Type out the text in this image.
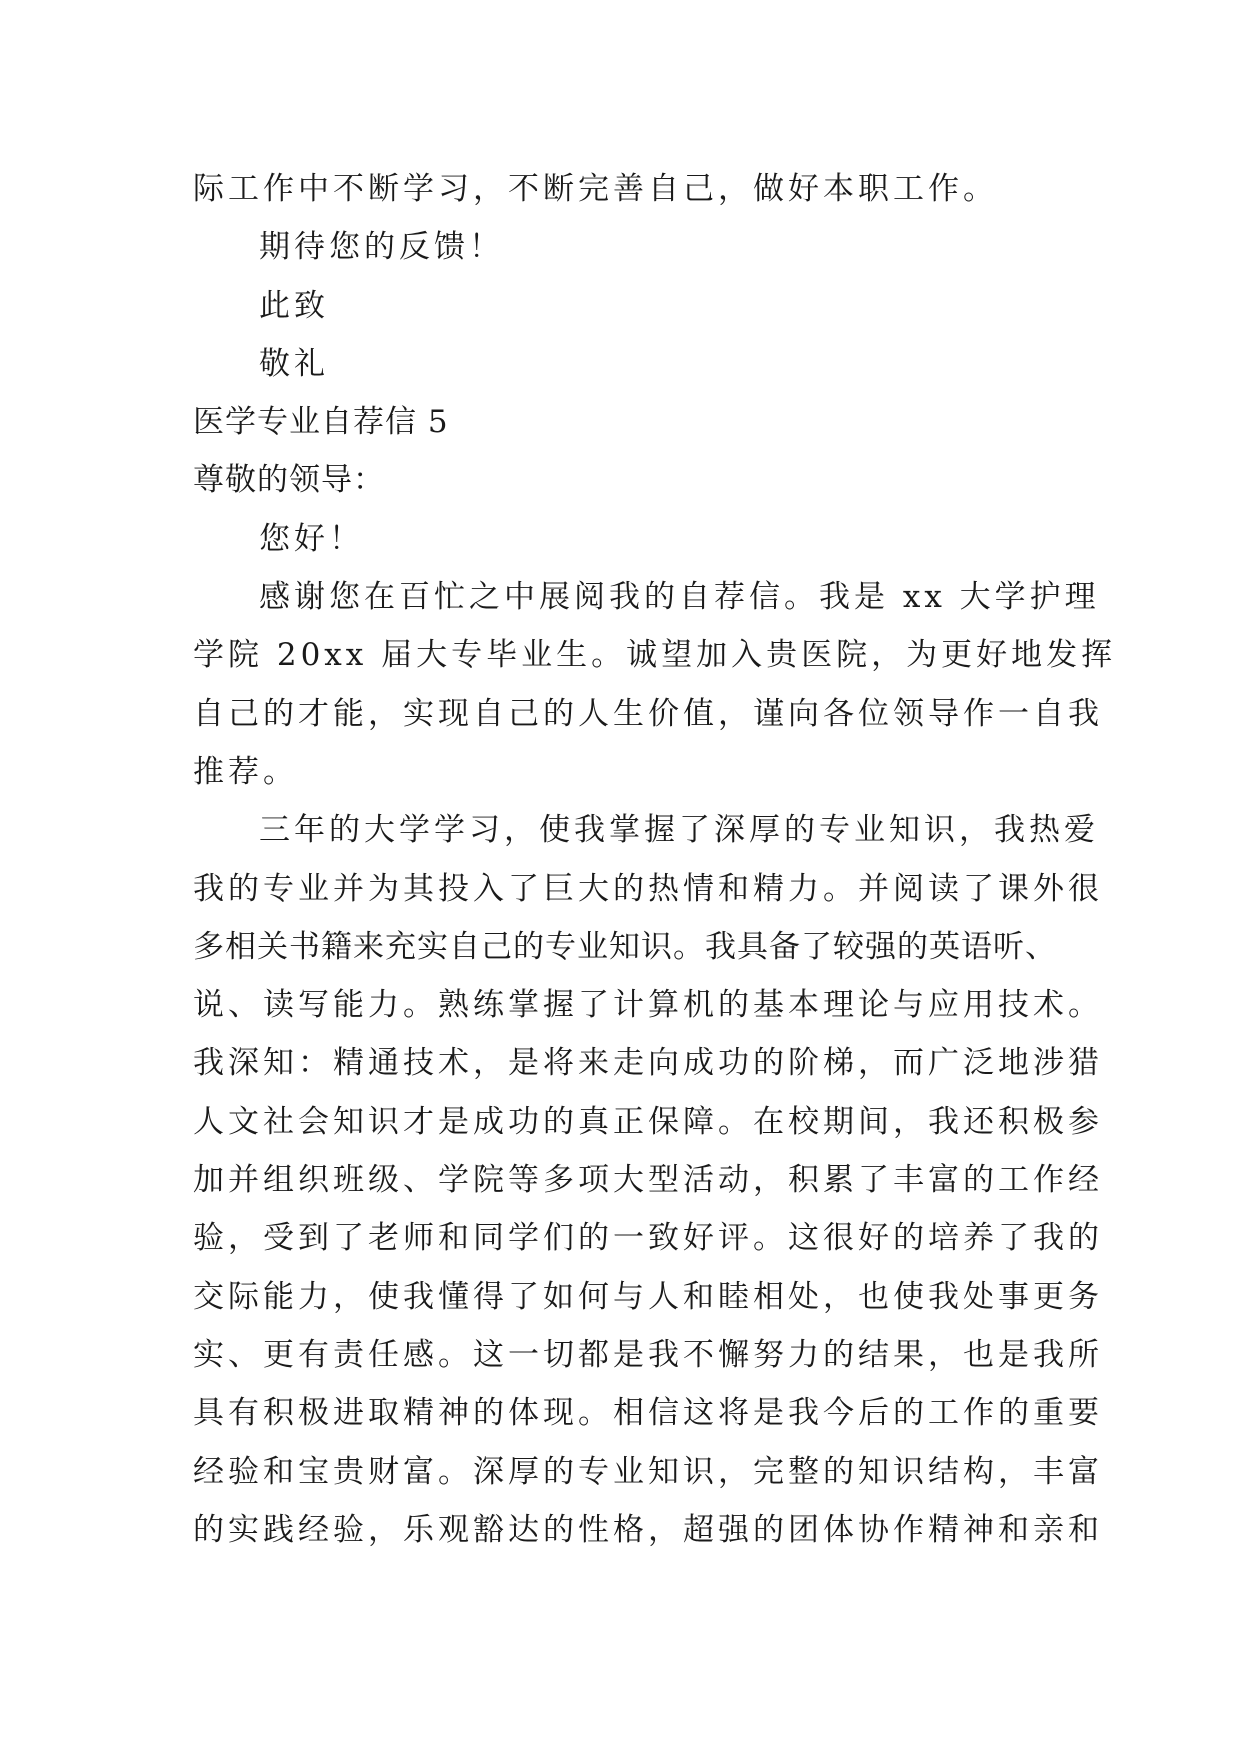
际工作中不断学习，不断完善自己，做好本职工作。

期待您的反馈！

此致

敬礼

医学专业自荐信 5

尊敬的领导：

您好！

感谢您在百忙之中展阅我的自荐信。我是 xx 大学护理

学院 20xx 届大专毕业生。诚望加入贵医院，为更好地发挥

自己的才能，实现自己的人生价值，谨向各位领导作一自我

推荐。

三年的大学学习，使我掌握了深厚的专业知识，我热爱

我的专业并为其投入了巨大的热情和精力。并阅读了课外很

多相关书籍来充实自己的专业知识。我具备了较强的英语听、

说、读写能力。熟练掌握了计算机的基本理论与应用技术。

我深知：精通技术，是将来走向成功的阶梯，而广泛地涉猎

人文社会知识才是成功的真正保障。在校期间，我还积极参

加并组织班级、学院等多项大型活动，积累了丰富的工作经

验，受到了老师和同学们的一致好评。这很好的培养了我的

交际能力，使我懂得了如何与人和睦相处，也使我处事更务

实、更有责任感。这一切都是我不懈努力的结果，也是我所

具有积极进取精神的体现。相信这将是我今后的工作的重要

经验和宝贵财富。深厚的专业知识，完整的知识结构，丰富

的实践经验，乐观豁达的性格，超强的团体协作精神和亲和
